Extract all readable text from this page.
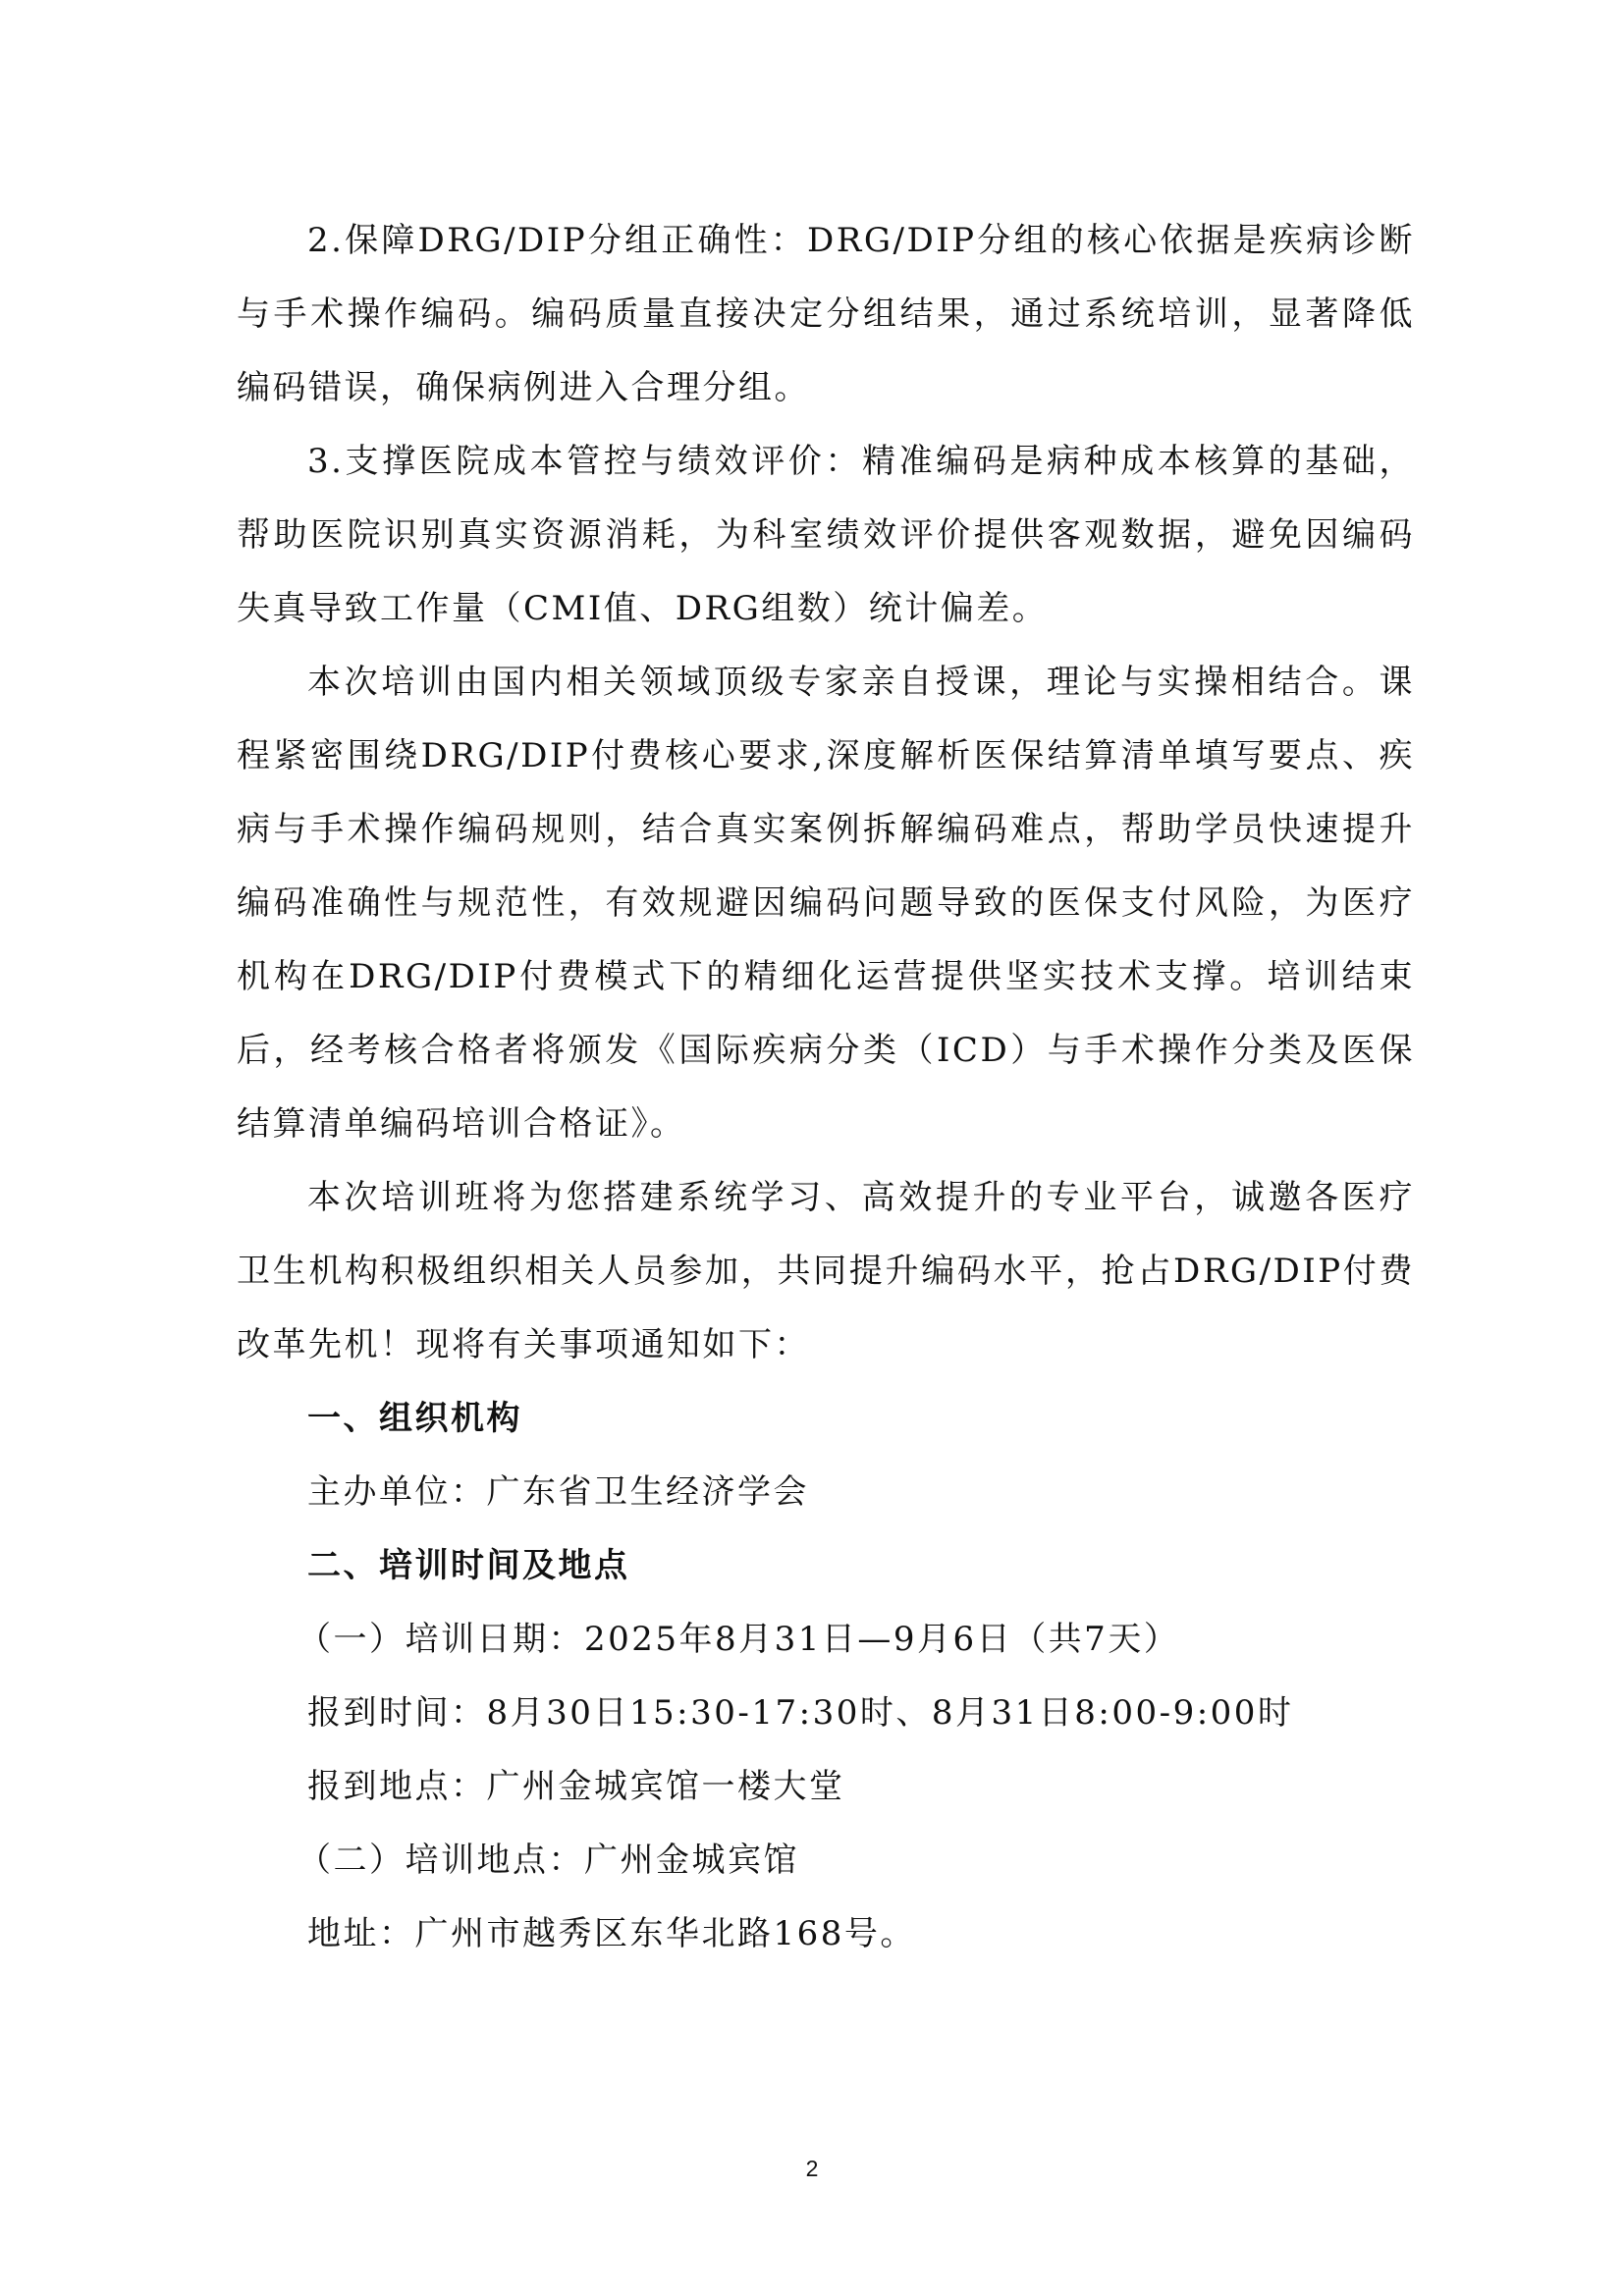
2.保障DRG/DIP分组正确性：DRG/DIP分组的核心依据是疾病诊断与手术操作编码。编码质量直接决定分组结果，通过系统培训，显著降低编码错误，确保病例进入合理分组。

3.支撑医院成本管控与绩效评价：精准编码是病种成本核算的基础，帮助医院识别真实资源消耗，为科室绩效评价提供客观数据，避免因编码失真导致工作量（CMI值、DRG组数）统计偏差。

本次培训由国内相关领域顶级专家亲自授课，理论与实操相结合。课程紧密围绕DRG/DIP付费核心要求,深度解析医保结算清单填写要点、疾病与手术操作编码规则，结合真实案例拆解编码难点，帮助学员快速提升编码准确性与规范性，有效规避因编码问题导致的医保支付风险，为医疗机构在DRG/DIP付费模式下的精细化运营提供坚实技术支撑。培训结束后，经考核合格者将颁发《国际疾病分类（ICD）与手术操作分类及医保结算清单编码培训合格证》。

本次培训班将为您搭建系统学习、高效提升的专业平台，诚邀各医疗卫生机构积极组织相关人员参加，共同提升编码水平，抢占DRG/DIP付费改革先机！现将有关事项通知如下：

一、组织机构

主办单位：广东省卫生经济学会

二、培训时间及地点

（一）培训日期：2025年8月31日—9月6日（共7天）

报到时间：8月30日15:30-17:30时、8月31日8:00-9:00时

报到地点：广州金城宾馆一楼大堂

（二）培训地点：广州金城宾馆

地址：广州市越秀区东华北路168号。

2
